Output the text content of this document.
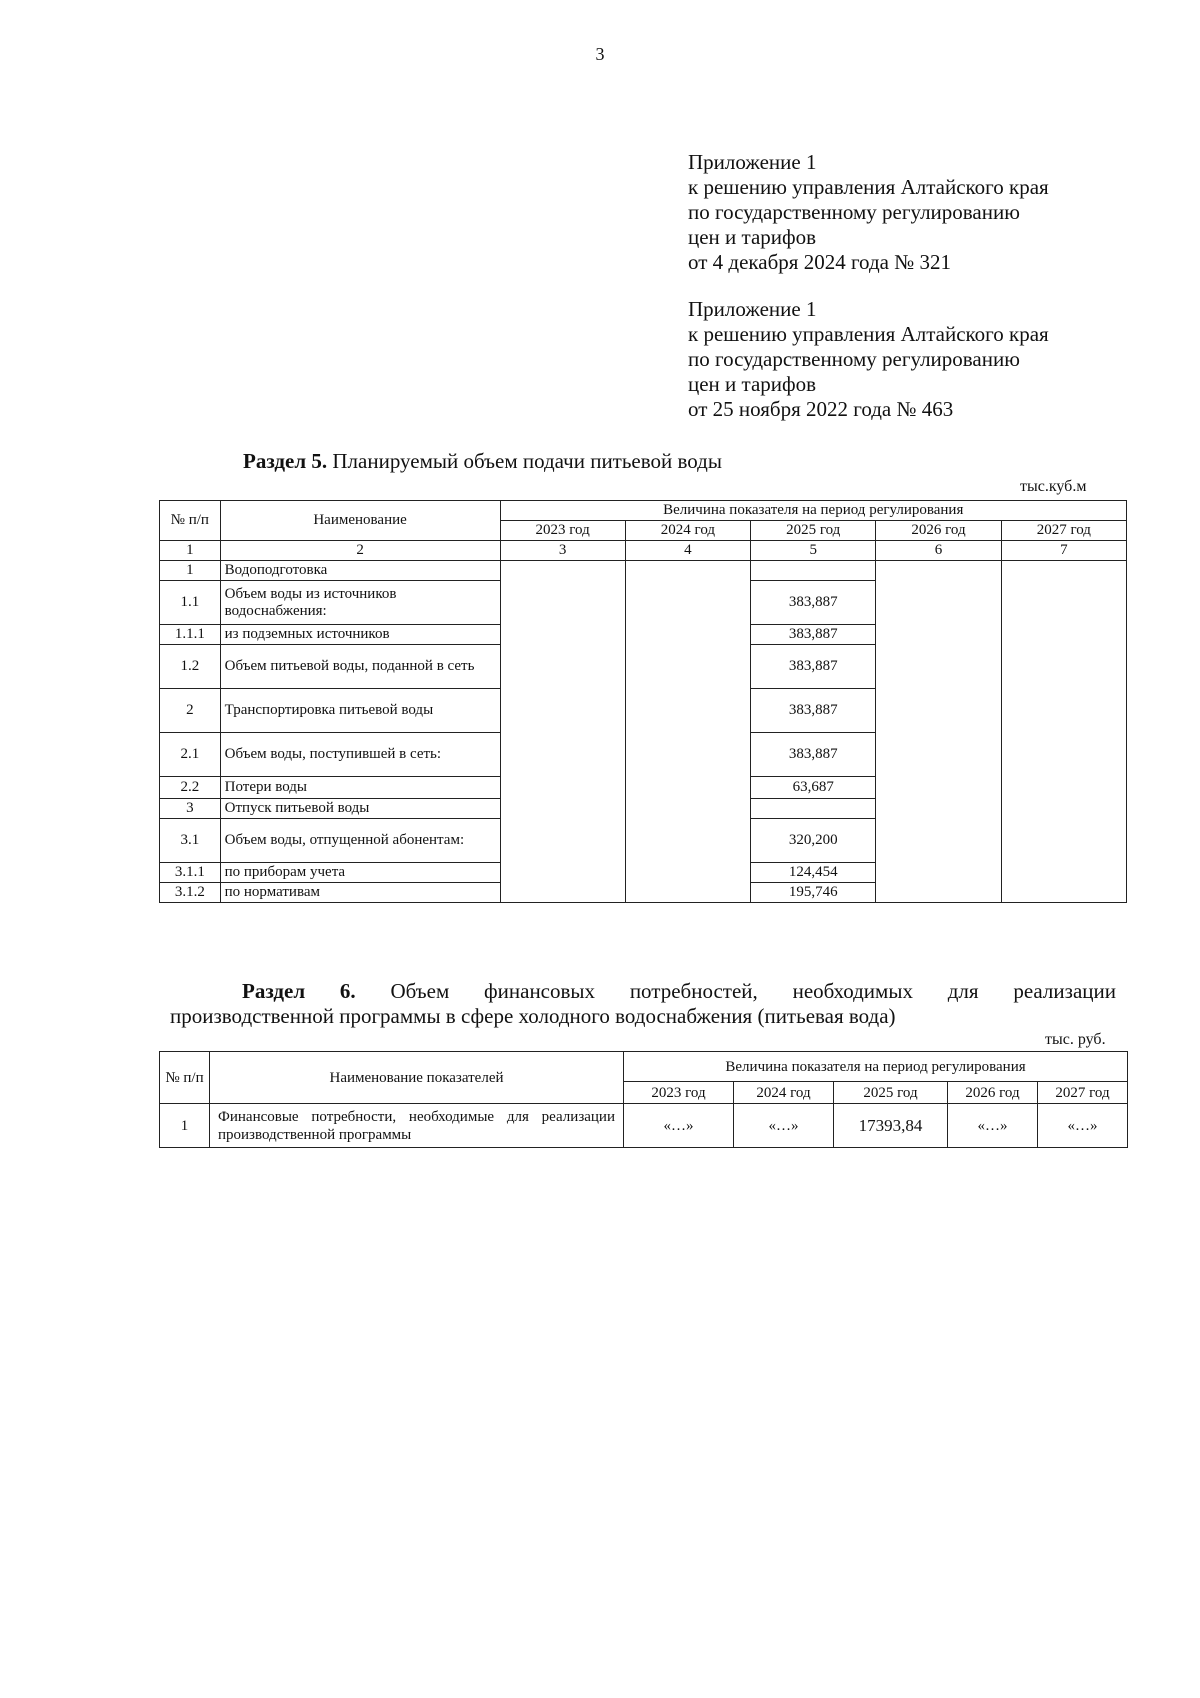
3
Приложение 1
к решению управления Алтайского края
по государственному регулированию
цен и тарифов
от 4 декабря 2024 года № 321
Приложение 1
к решению управления Алтайского края
по государственному регулированию
цен и тарифов
от 25 ноября 2022 года № 463
Раздел 5. Планируемый объем подачи питьевой воды
тыс.куб.м
№ п/п	Наименование	Величина показателя на период регулирования				
		2023 год	2024 год	2025 год	2026 год	2027 год
1	2	3	4	5	6	7
1	Водоподготовка					
1.1	Объем воды из источников водоснабжения:			383,887		
1.1.1	из подземных источников			383,887		
1.2	Объем питьевой воды, поданной в сеть			383,887		
2	Транспортировка питьевой воды			383,887		
2.1	Объем воды, поступившей в сеть:			383,887		
2.2	Потери воды			63,687		
3	Отпуск питьевой воды					
3.1	Объем воды, отпущенной абонентам:			320,200		
3.1.1	по приборам учета			124,454		
3.1.2	по нормативам			195,746		
Раздел 6. Объем финансовых потребностей, необходимых для реализации
производственной программы в сфере холодного водоснабжения (питьевая вода)
тыс. руб.
№ п/п	Наименование показателей	Величина показателя на период регулирования				
		2023 год	2024 год	2025 год	2026 год	2027 год
1	Финансовые потребности, необходимые для реализации производственной программы	«…»	«…»	17393,84	«…»	«…»
